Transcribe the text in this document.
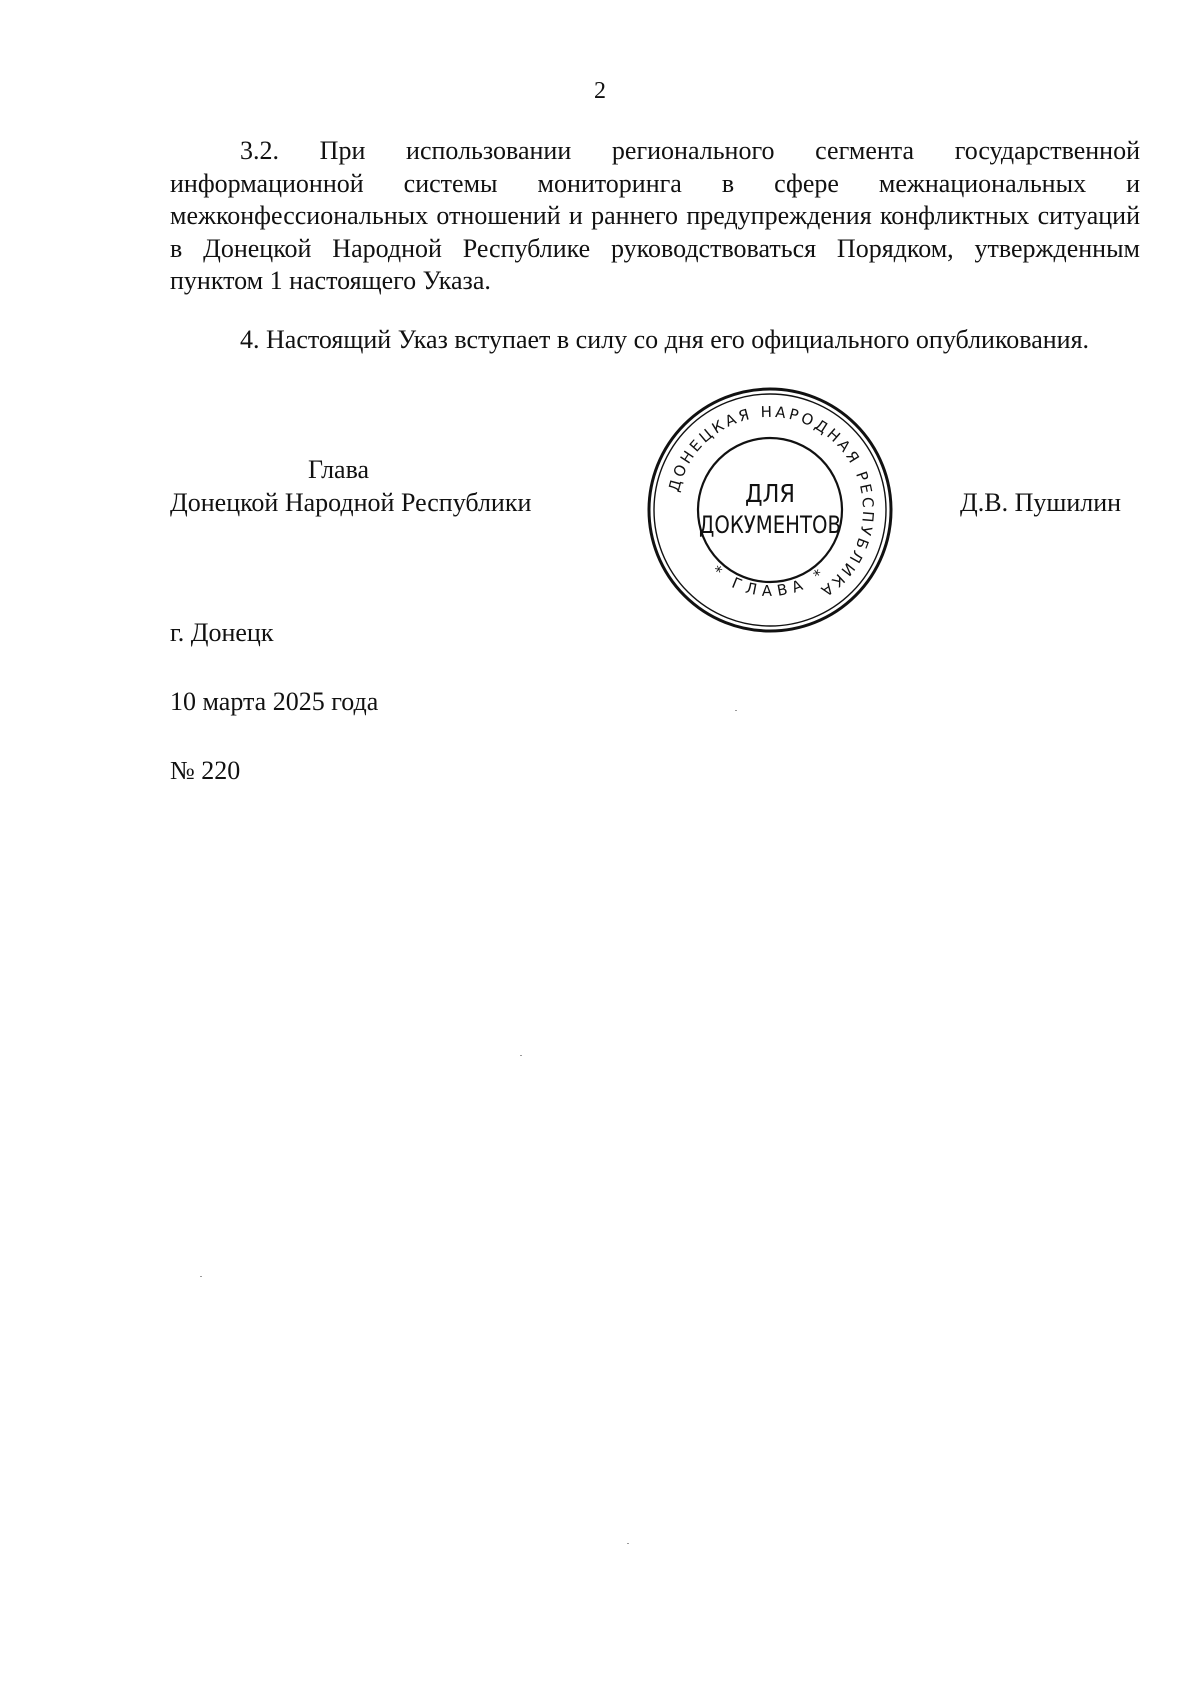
2

3.2. При использовании регионального сегмента государственной информационной системы мониторинга в сфере межнациональных и межконфессиональных отношений и раннего предупреждения конфликтных ситуаций в Донецкой Народной Республике руководствоваться Порядком, утвержденным пунктом 1 настоящего Указа.

4. Настоящий Указ вступает в силу со дня его официального опубликования.

Глава
Донецкой Народной Республики	Д.В. Пушилин
ДОНЕЦКАЯ НАРОДНАЯ РЕСПУБЛИКА
* ГЛАВА *
ДЛЯ
ДОКУМЕНТОВ
г. Донецк
10 марта 2025 года
№ 220
